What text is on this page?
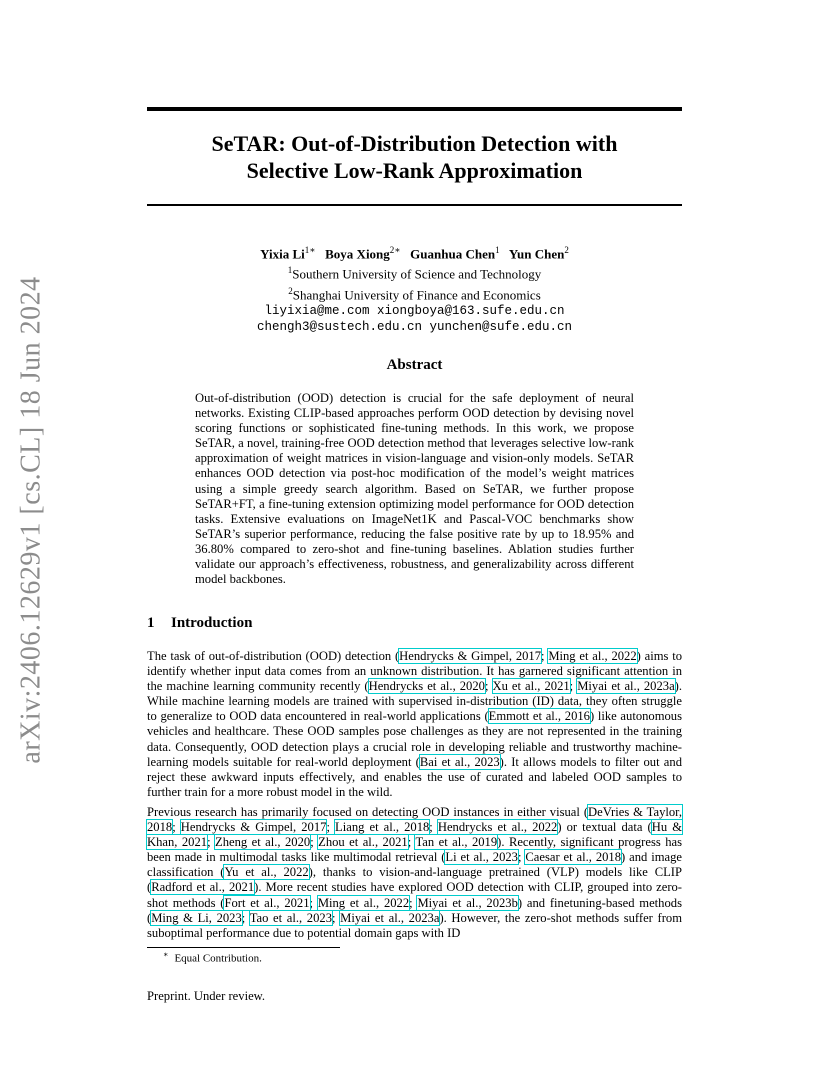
arXiv:2406.12629v1 [cs.CL] 18 Jun 2024
SeTAR: Out-of-Distribution Detection with
Selective Low-Rank Approximation
Yixia $Li^{1∗}$ Boya Xiong$^{2∗}$ Guanhua Chen$^1$ Yun Chen$^2$
$^1$Southern University of Science and Technology
$^2$Shanghai University of Finance and Economics
liyixia@me.com xiongboya@163.sufe.edu.cn
chengh3@sustech.edu.cn yunchen@sufe.edu.cn
Abstract
Out-of-distribution (OOD) detection is crucial for the safe deployment of neural networks. Existing CLIP-based approaches perform OOD detection by devising novel scoring functions or sophisticated fine-tuning methods. In this work, we propose SeTAR, a novel, training-free OOD detection method that leverages selective low-rank approximation of weight matrices in vision-language and vision-only models. SeTAR enhances OOD detection via post-hoc modification of the model’s weight matrices using a simple greedy search algorithm. Based on SeTAR, we further propose SeTAR+FT, a fine-tuning extension optimizing model performance for OOD detection tasks. Extensive evaluations on ImageNet1K and Pascal-VOC benchmarks show SeTAR’s superior performance, reducing the false positive rate by up to 18.95% and 36.80% compared to zero-shot and fine-tuning baselines. Ablation studies further validate our approach’s effectiveness, robustness, and generalizability across different model backbones.
1 Introduction
The task of out-of-distribution (OOD) detection (Hendrycks & Gimpel, 2017; Ming et al., 2022) aims to identify whether input data comes from an unknown distribution. It has garnered significant attention in the machine learning community recently (Hendrycks et al., 2020; Xu et al., 2021; Miyai et al., 2023a). While machine learning models are trained with supervised in-distribution (ID) data, they often struggle to generalize to OOD data encountered in real-world applications (Emmott et al., 2016) like autonomous vehicles and healthcare. These OOD samples pose challenges as they are not represented in the training data. Consequently, OOD detection plays a crucial role in developing reliable and trustworthy machine-learning models suitable for real-world deployment (Bai et al., 2023). It allows models to filter out and reject these awkward inputs effectively, and enables the use of curated and labeled OOD samples to further train for a more robust model in the wild.
Previous research has primarily focused on detecting OOD instances in either visual (DeVries & Taylor, 2018; Hendrycks & Gimpel, 2017; Liang et al., 2018; Hendrycks et al., 2022) or textual data (Hu & Khan, 2021; Zheng et al., 2020; Zhou et al., 2021; Tan et al., 2019). Recently, significant progress has been made in multimodal tasks like multimodal retrieval (Li et al., 2023; Caesar et al., 2018) and image classification (Yu et al., 2022), thanks to vision-and-language pretrained (VLP) models like CLIP (Radford et al., 2021). More recent studies have explored OOD detection with CLIP, grouped into zero-shot methods (Fort et al., 2021; Ming et al., 2022; Miyai et al., 2023b) and finetuning-based methods (Ming & Li, 2023; Tao et al., 2023; Miyai et al., 2023a). However, the zero-shot methods suffer from suboptimal performance due to potential domain gaps with ID
∗ Equal Contribution.
Preprint. Under review.
